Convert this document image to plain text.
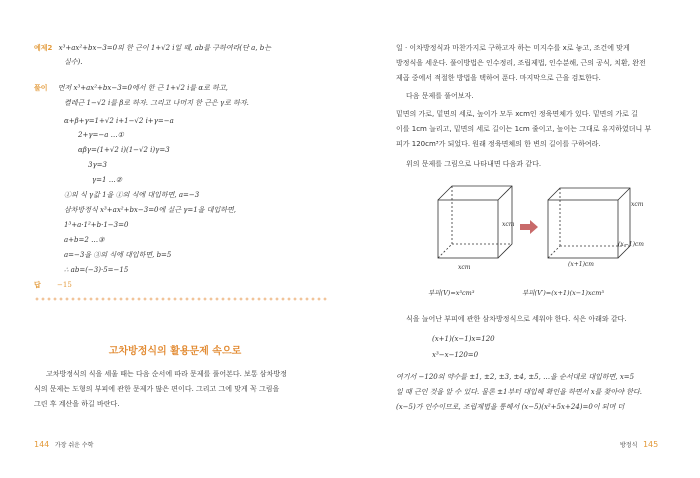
예제2 x³+ax²+bx−3=0의 한 근이 1+√2 i일 때, ab를 구하여라(단 a, b는
실수).
풀이 먼저 x³+ax²+bx−3=0에서 한 근 1+√2 i를 α로 하고,
켤레근 1−√2 i를 β로 하자. 그리고 나머지 한 근은 γ로 하자.
α+β+γ=1+√2 i+1−√2 i+γ=−a
2+γ=−a …①
αβγ=(1+√2 i)(1−√2 i)γ=3
3γ=3
γ=1 …②
①의 식 γ값 1을 ①의 식에 대입하면, a=−3
삼차방정식 x³+ax²+bx−3=0에 실근 γ=1을 대입하면,
1³+a·1²+b·1−3=0
a+b=2 …③
a=−3을 ③의 식에 대입하면, b=5
∴ ab=(−3)·5=−15
답 −15
고차방정식의 활용문제 속으로
고차방정식의 식을 세울 때는 다음 순서에 따라 문제를 풀어본다. 보통 삼차방정
식의 문제는 도형의 부피에 관한 문제가 많은 편이다. 그리고 그에 맞게 꼭 그림을
그린 후 계산을 하길 바란다.
144 가장 쉬운 수학
일 · 이차방정식과 마찬가지로 구하고자 하는 미지수를 x로 놓고, 조건에 맞게
방정식을 세운다. 풀이방법은 인수정리, 조립제법, 인수분해, 근의 공식, 치환, 완전
제곱 중에서 적절한 방법을 택하여 푼다. 마지막으로 근을 검토한다.
다음 문제를 풀어보자.
밑면의 가로, 밑면의 세로, 높이가 모두 xcm인 정육면체가 있다. 밑면의 가로 길
이를 1cm 늘리고, 밑면의 세로 길이는 1cm 줄이고, 높이는 그대로 유지하였더니 부
피가 120cm³가 되었다. 원래 정육면체의 한 변의 길이를 구하여라.
위의 문제를 그림으로 나타내면 다음과 같다.
xcm
xcm
xcm
(x−1)cm
(x+1)cm
부피(V)=x³cm³	부피(V′)=(x+1)(x−1)xcm³
식을 늘어난 부피에 관한 삼차방정식으로 세워야 한다. 식은 아래와 같다.
(x+1)(x−1)x=120
x³−x−120=0
여기서 −120의 약수를 ±1, ±2, ±3, ±4, ±5, …을 순서대로 대입하면, x=5
일 때 근인 것을 알 수 있다. 물론 ±1부터 대입해 확인을 하면서 x를 찾아야 한다.
(x−5)가 인수이므로, 조립제법을 통해서 (x−5)(x²+5x+24)=0이 되며 더
방정식 145
